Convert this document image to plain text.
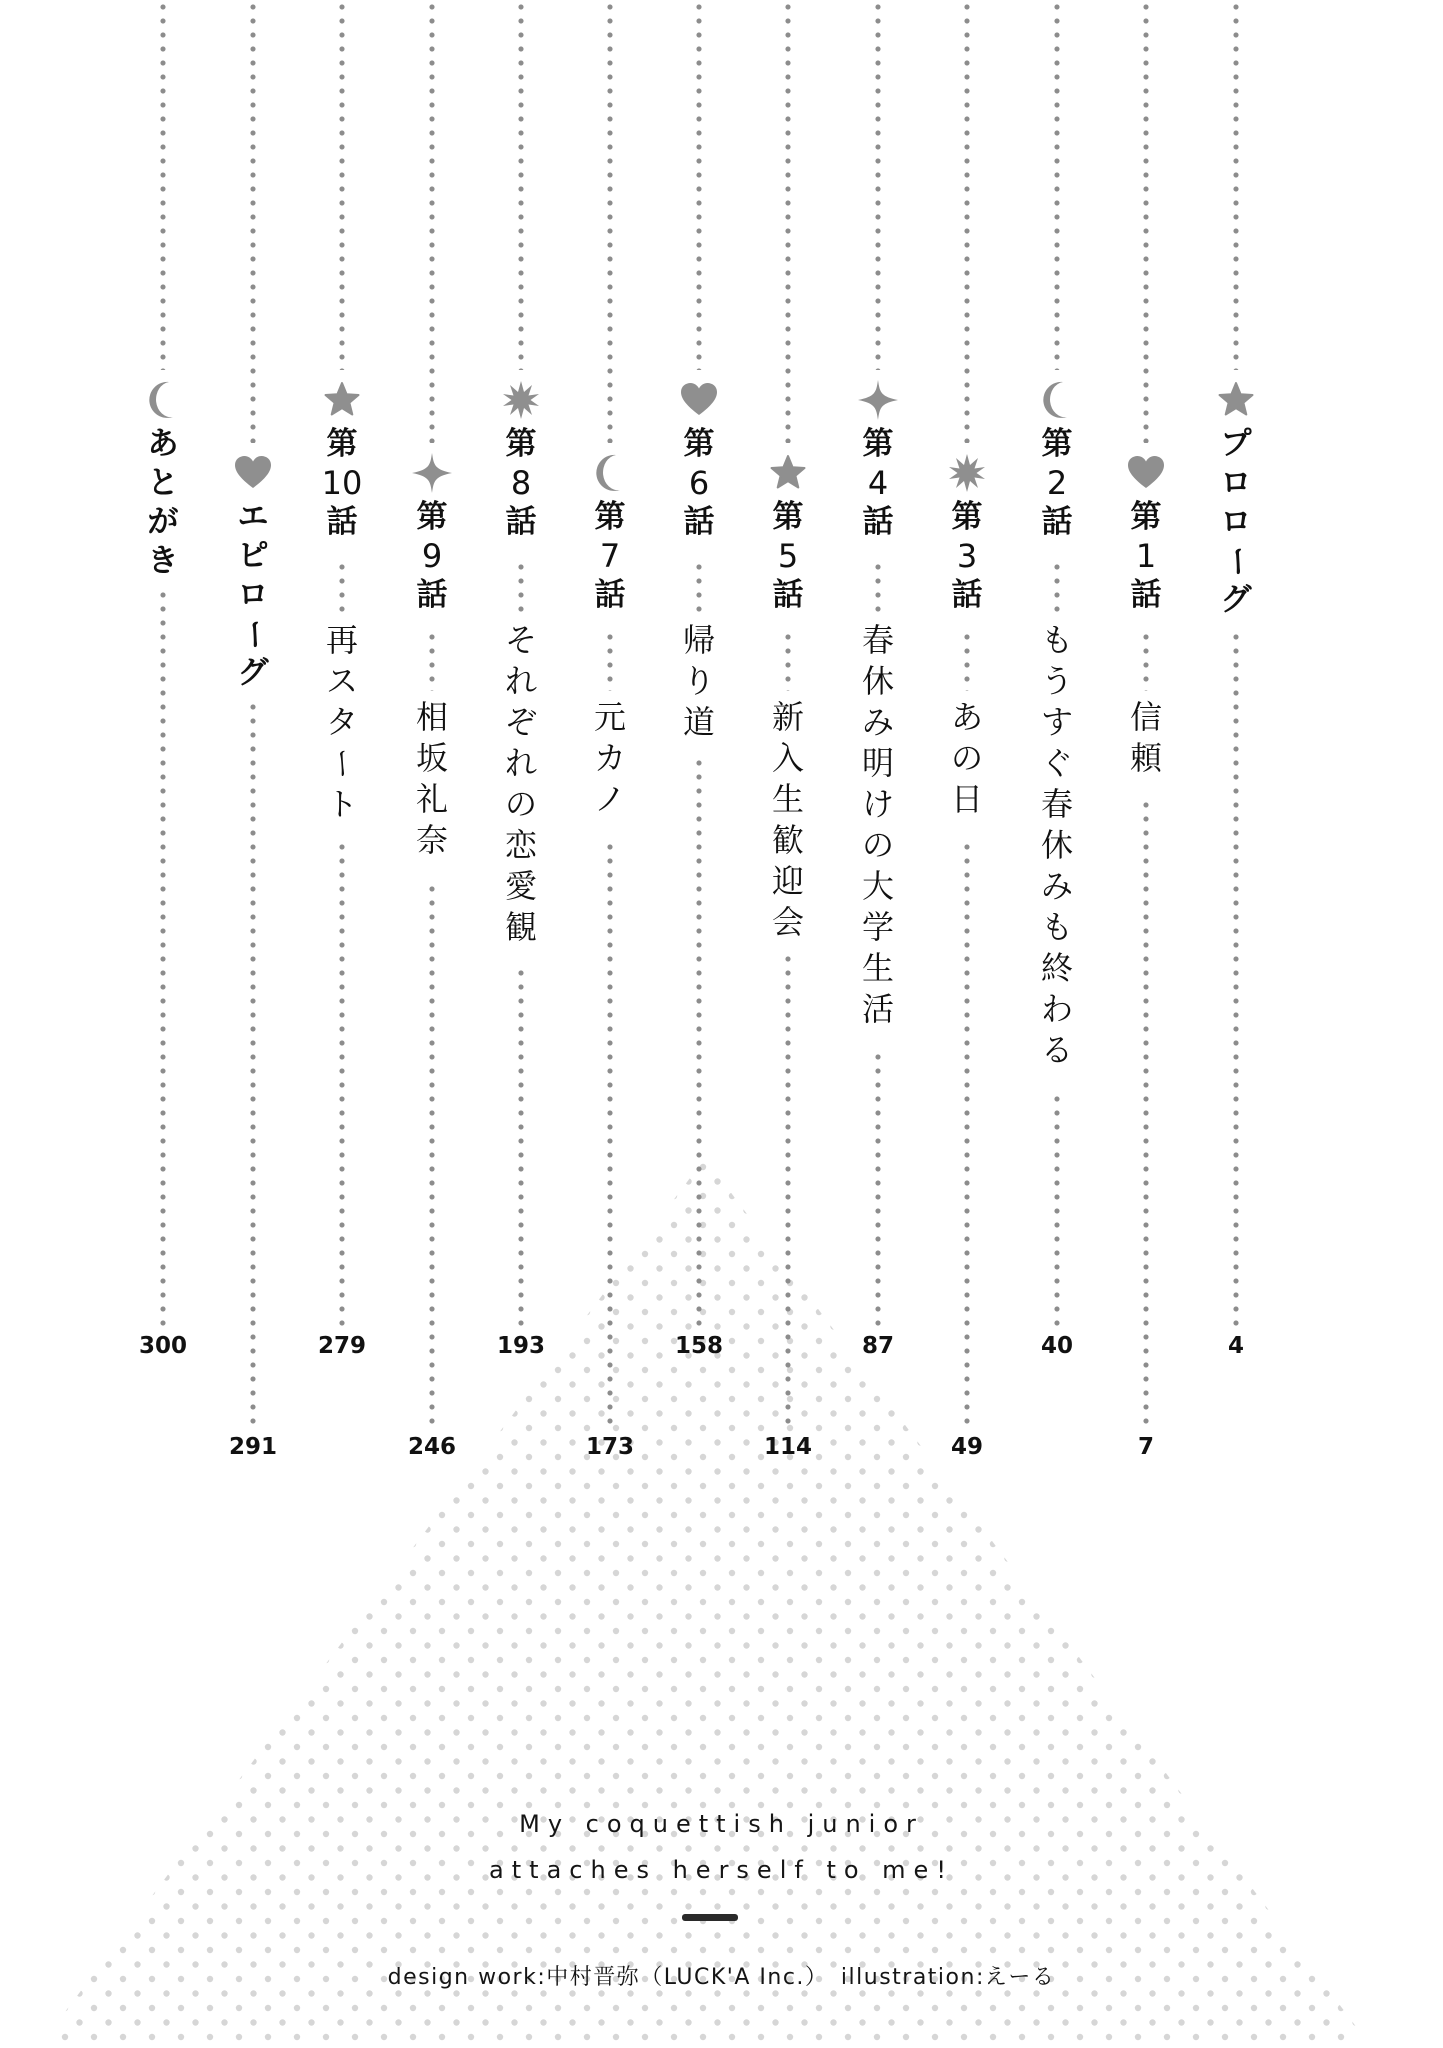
プ
ロ
ロ
ー
グ
4
第
1
話
信
頼
7
第
2
話
も
う
す
ぐ
春
休
み
も
終
わ
る
40
第
3
話
あ
の
日
49
第
4
話
春
休
み
明
け
の
大
学
生
活
87
第
5
話
新
入
生
歓
迎
会
114
第
6
話
帰
り
道
158
第
7
話
元
カ
ノ
173
第
8
話
そ
れ
ぞ
れ
の
恋
愛
観
193
第
9
話
相
坂
礼
奈
246
第
10
話
再
ス
タ
ー
ト
279
エ
ピ
ロ
ー
グ
291
あ
と
が
き
300
My coquettish junior
attaches herself to me!
design work:中村晋弥（LUCK'A Inc.）　illustration:えーる
